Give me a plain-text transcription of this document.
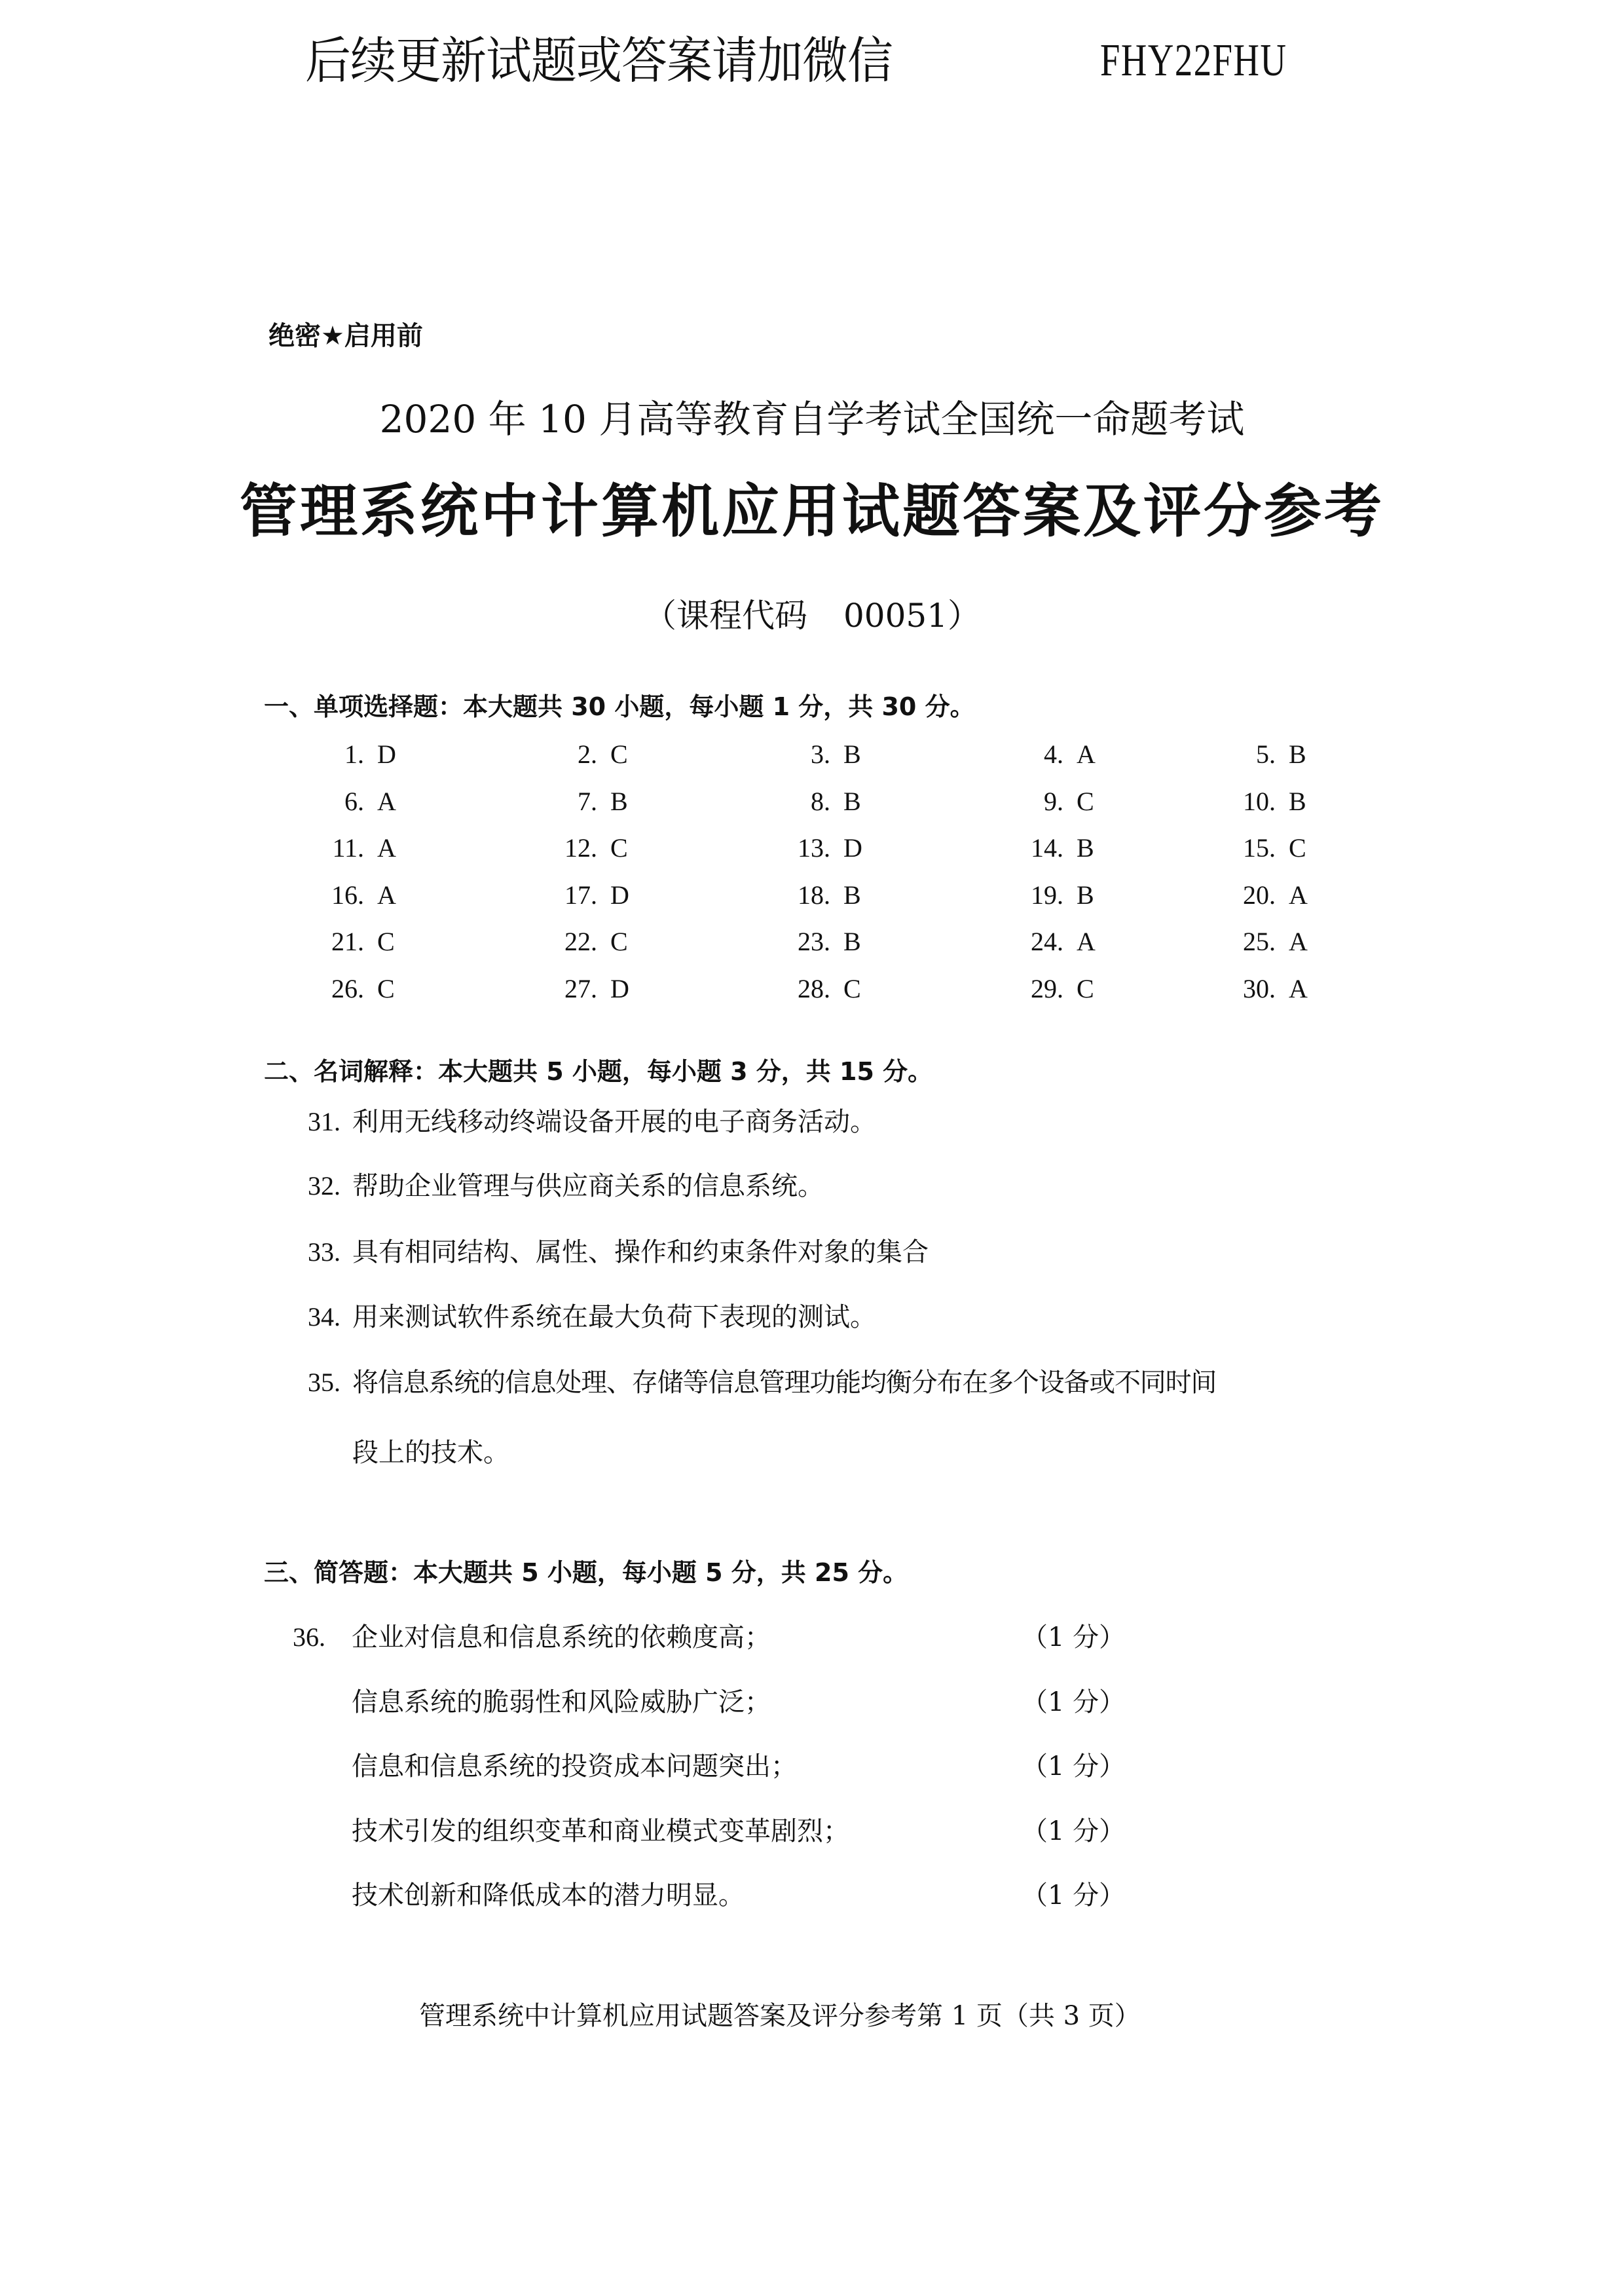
后续更新试题或答案请加微信	FHY22FHU
绝密★启用前
2020 年 10 月高等教育自学考试全国统一命题考试
管理系统中计算机应用试题答案及评分参考
（课程代码 00051）
一、单项选择题：本大题共 30 小题，每小题 1 分，共 30 分。
1. D	2. C	3. B	4. A	5. B
6. A	7. B	8. B	9. C	10. B
11. A	12. C	13. D	14. B	15. C
16. A	17. D	18. B	19. B	20. A
21. C	22. C	23. B	24. A	25. A
26. C	27. D	28. C	29. C	30. A
二、名词解释：本大题共 5 小题，每小题 3 分，共 15 分。
31. 利用无线移动终端设备开展的电子商务活动。
32. 帮助企业管理与供应商关系的信息系统。
33. 具有相同结构、属性、操作和约束条件对象的集合
34. 用来测试软件系统在最大负荷下表现的测试。
35. 将信息系统的信息处理、存储等信息管理功能均衡分布在多个设备或不同时间
段上的技术。
三、简答题：本大题共 5 小题，每小题 5 分，共 25 分。
36. 企业对信息和信息系统的依赖度高；	（1 分）
信息系统的脆弱性和风险威胁广泛；	（1 分）
信息和信息系统的投资成本问题突出；	（1 分）
技术引发的组织变革和商业模式变革剧烈；	（1 分）
技术创新和降低成本的潜力明显。	（1 分）
管理系统中计算机应用试题答案及评分参考第 1 页（共 3 页）
